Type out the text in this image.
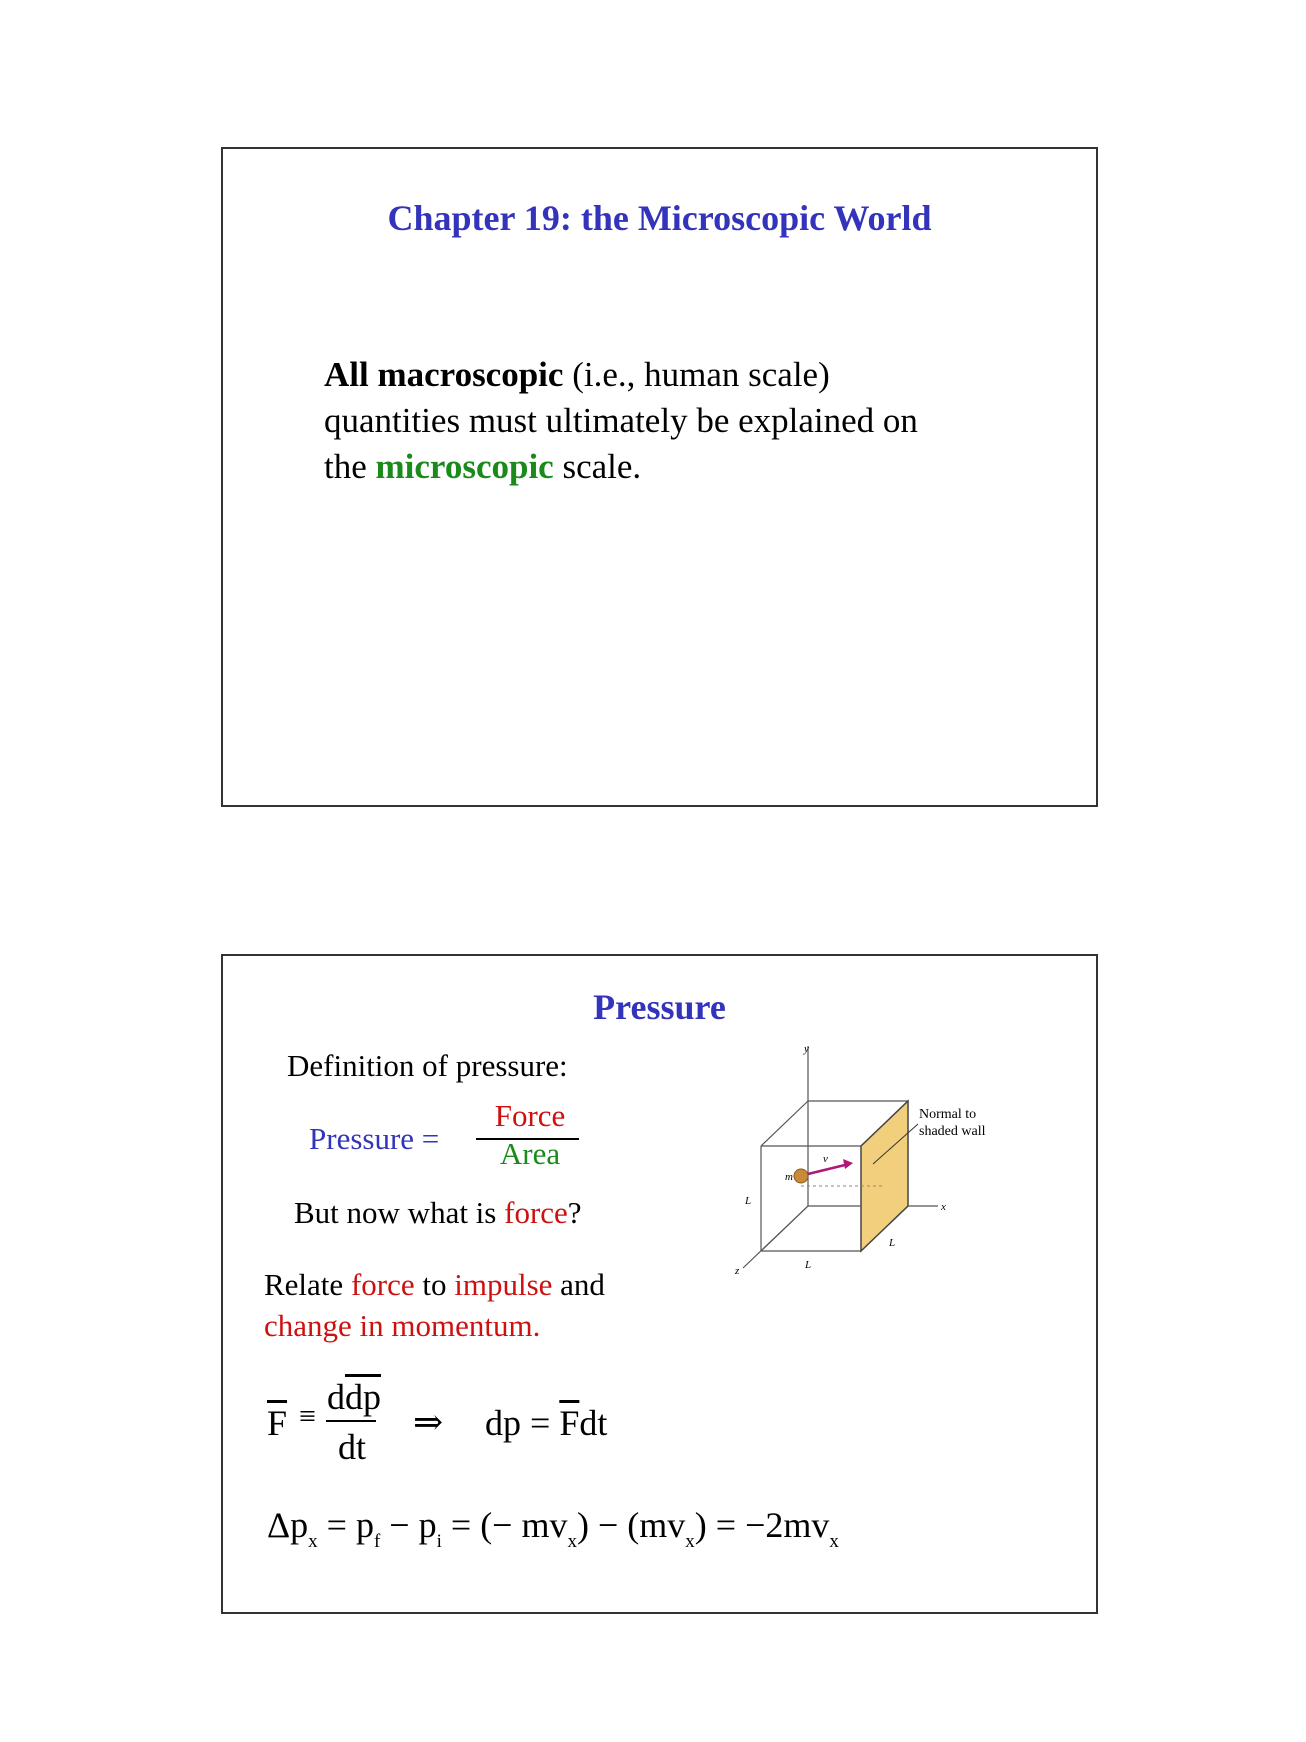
Chapter 19: the Microscopic World
All macroscopic (i.e., human scale)
quantities must ultimately be explained on
the microscopic scale.
Pressure
Definition of pressure:
Pressure =
Force
Area
But now what is force?
Relate force to impulse and
change in momentum.
$\overline{F} \equiv d\overline{dp}$
dt
⇒ dp = $\overline{F}dt$
$\Delta p_x = p_f - p_i$ = (− $mv_x) - (mv_x) = -2mv_x$
Normal to
shaded wall
y
x
z
L
L
L
m
v
